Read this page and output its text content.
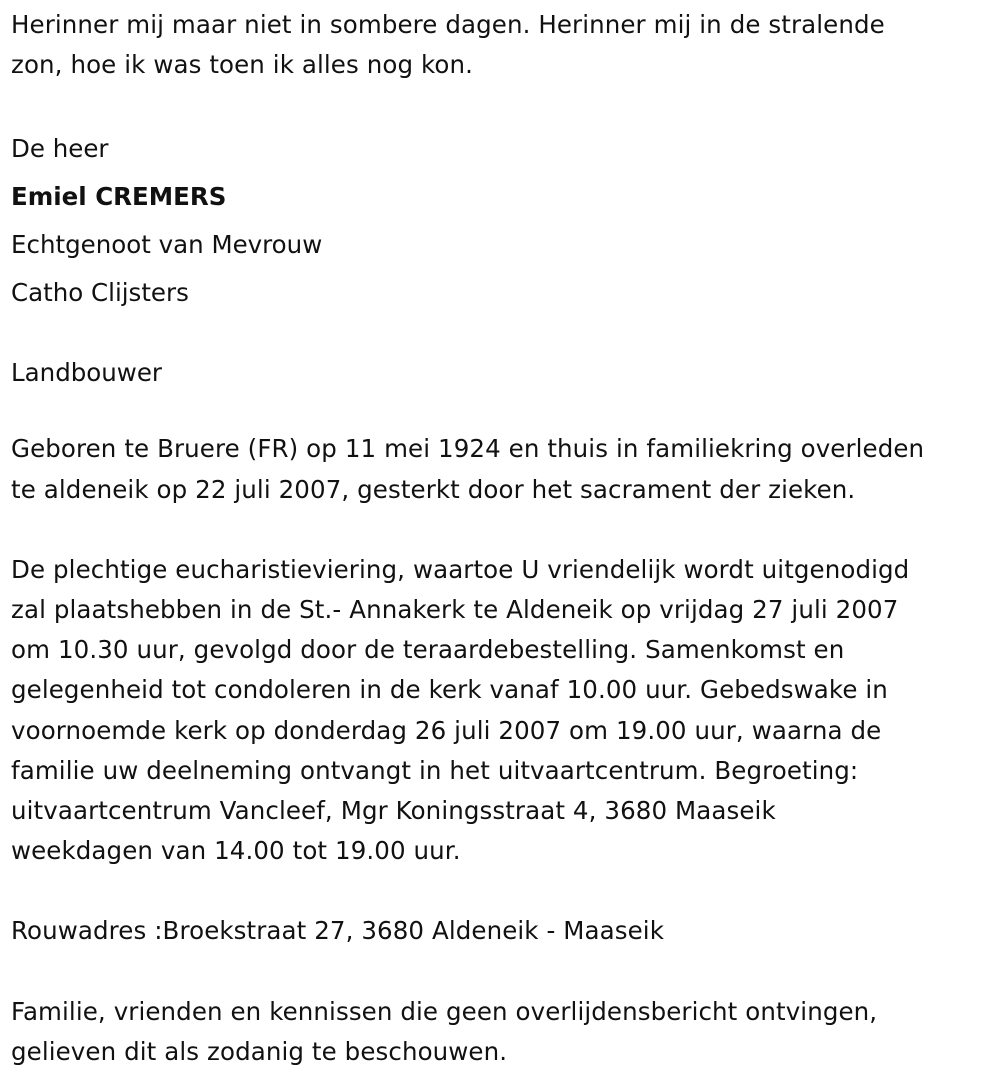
Herinner mij maar niet in sombere dagen. Herinner mij in de stralende
zon, hoe ik was toen ik alles nog kon.

De heer

Emiel CREMERS

Echtgenoot van Mevrouw

Catho Clijsters

Landbouwer

Geboren te Bruere (FR) op 11 mei 1924 en thuis in familiekring overleden
te aldeneik op 22 juli 2007, gesterkt door het sacrament der zieken.

De plechtige eucharistieviering, waartoe U vriendelijk wordt uitgenodigd
zal plaatshebben in de St.- Annakerk te Aldeneik op vrijdag 27 juli 2007
om 10.30 uur, gevolgd door de teraardebestelling. Samenkomst en
gelegenheid tot condoleren in de kerk vanaf 10.00 uur. Gebedswake in
voornoemde kerk op donderdag 26 juli 2007 om 19.00 uur, waarna de
familie uw deelneming ontvangt in het uitvaartcentrum. Begroeting:
uitvaartcentrum Vancleef, Mgr Koningsstraat 4, 3680 Maaseik
weekdagen van 14.00 tot 19.00 uur.

Rouwadres :Broekstraat 27, 3680 Aldeneik - Maaseik

Familie, vrienden en kennissen die geen overlijdensbericht ontvingen,
gelieven dit als zodanig te beschouwen.
